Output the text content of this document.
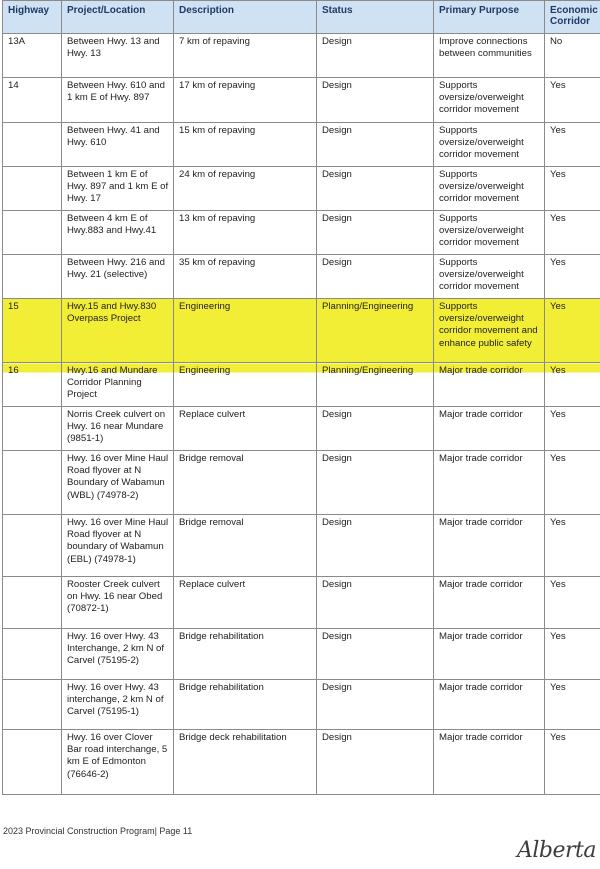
Highway	Project/Location	Description	Status	Primary Purpose	Economic Corridor
13A	Between Hwy. 13 and Hwy. 13	7 km of repaving	Design	Improve connections between communities	No
14	Between Hwy. 610 and 1 km E of Hwy. 897	17 km of repaving	Design	Supports oversize/overweight corridor movement	Yes
	Between Hwy. 41 and Hwy. 610	15 km of repaving	Design	Supports oversize/overweight corridor movement	Yes
	Between 1 km E of Hwy. 897 and 1 km E of Hwy. 17	24 km of repaving	Design	Supports oversize/overweight corridor movement	Yes
	Between 4 km E of Hwy.883 and Hwy.41	13 km of repaving	Design	Supports oversize/overweight corridor movement	Yes
	Between Hwy. 216 and Hwy. 21 (selective)	35 km of repaving	Design	Supports oversize/overweight corridor movement	Yes
15	Hwy.15 and Hwy.830 Overpass Project	Engineering	Planning/Engineering	Supports oversize/overweight corridor movement and enhance public safety	Yes
16	Hwy.16 and Mundare Corridor Planning Project	Engineering	Planning/Engineering	Major trade corridor	Yes
	Norris Creek culvert on Hwy. 16 near Mundare (9851-1)	Replace culvert	Design	Major trade corridor	Yes
	Hwy. 16 over Mine Haul Road flyover at N Boundary of Wabamun (WBL) (74978-2)	Bridge removal	Design	Major trade corridor	Yes
	Hwy. 16 over Mine Haul Road flyover at N boundary of Wabamun (EBL) (74978-1)	Bridge removal	Design	Major trade corridor	Yes
	Rooster Creek culvert on Hwy. 16 near Obed (70872-1)	Replace culvert	Design	Major trade corridor	Yes
	Hwy. 16 over Hwy. 43 Interchange, 2 km N of Carvel (75195-2)	Bridge rehabilitation	Design	Major trade corridor	Yes
	Hwy. 16 over Hwy. 43 interchange, 2 km N of Carvel (75195-1)	Bridge rehabilitation	Design	Major trade corridor	Yes
	Hwy. 16 over Clover Bar road interchange, 5 km E of Edmonton (76646-2)	Bridge deck rehabilitation	Design	Major trade corridor	Yes
2023 Provincial Construction Program| Page 11
Alberta
